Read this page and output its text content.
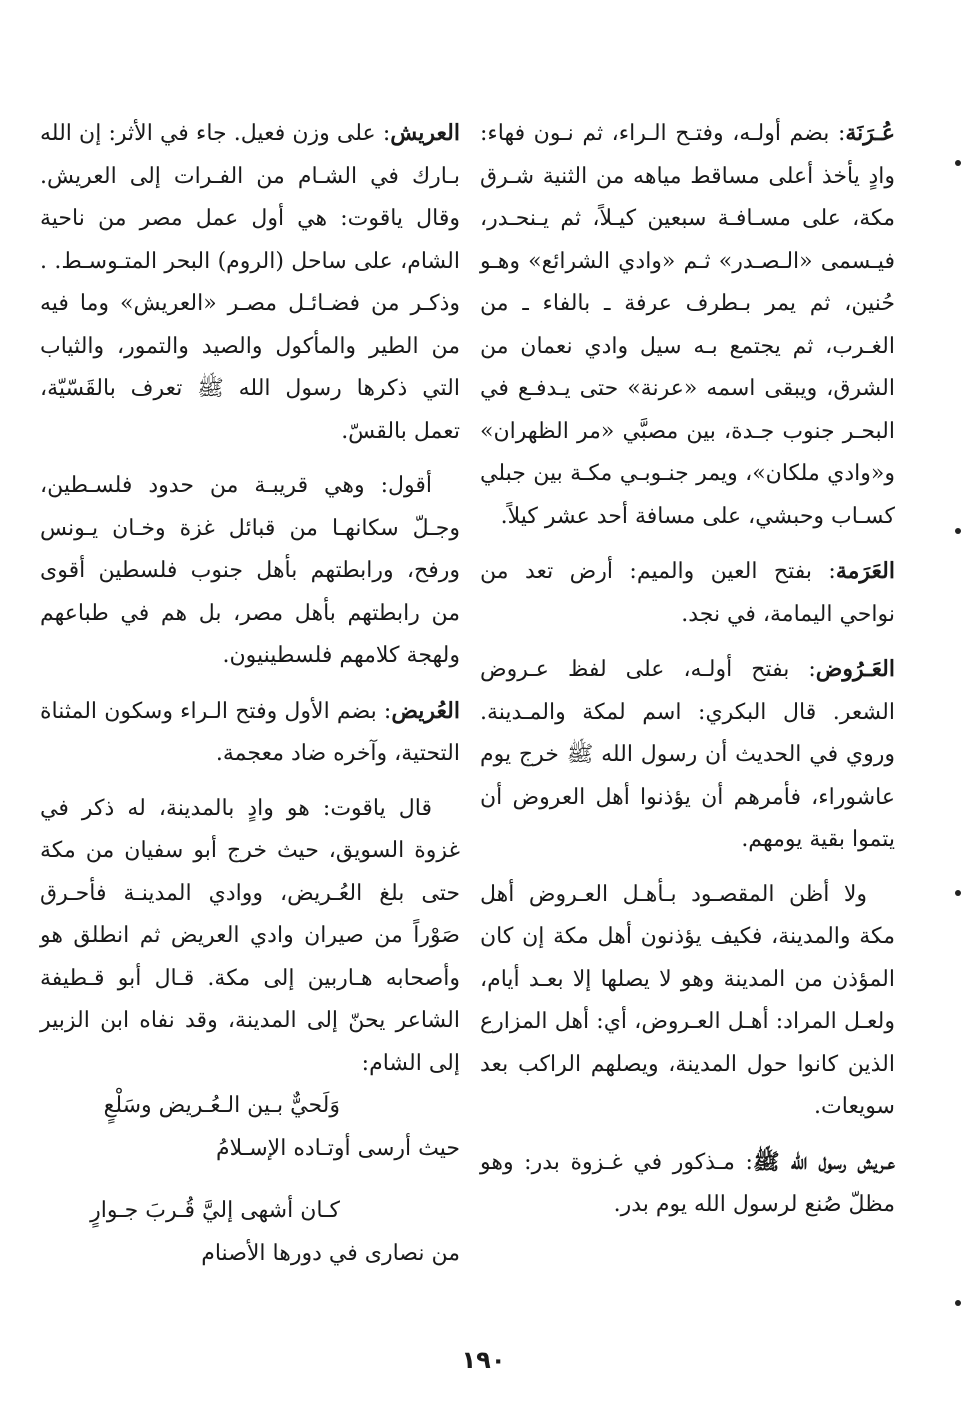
عُـرَنَة: بضم أولـه، وفتـح الـراء، ثم نـون فهاء: وادٍ يأخذ أعلى مساقط مياهه من الثنية شـرق مكة، على مسـافـة سبعين كيـلاً، ثم يـنحـدر، فيـسمى «الـصـدر» ثـم «وادي الشرائع» وهـو حُنين، ثم يمر بـطرف عرفة ـ بالفاء ـ من الغـرب، ثم يجتمع بـه سيل وادي نعمان من الشرق، ويبقى اسمه «عرنة» حتى يـدفـع في البحـر جنوب جـدة، بين مصبَّي «مر الظهران» و«وادي ملكان»، ويمر جنـوبـي مكـة بين جبلي كسـاب وحبشي، على مسافة أحد عشر كيلاً.

العَرَمة: بفتح العين والميم: أرض تعد من نواحي اليمامة، في نجد.

العَـرُوض: بفتح أولـه، على لفظ عـروض الشعر. قال البكري: اسم لمكة والمـدينة. وروي في الحديث أن رسول الله ﷺ خرج يوم عاشوراء، فأمرهم أن يؤذنوا أهل العروض أن يتموا بقية يومهم.

ولا أظن المقصـود بـأهـل العـروض أهل مكة والمدينة، فكيف يؤذنون أهل مكة إن كان المؤذن من المدينة وهو لا يصلها إلا بعـد أيام، ولعـل المراد: أهـل العـروض، أي: أهل المزارع الذين كانوا حول المدينة، ويصلهم الراكب بعد سويعات.

عـريش رسول الله ﷺ: مـذكور في غـزوة بدر: وهو مظلّ صُنع لرسول الله يوم بدر.

العريش: على وزن فعيل. جاء في الأثر: إن الله بـارك في الشـام من الفـرات إلى العريش. وقال ياقوت: هي أول عمل مصر من ناحية الشام، على ساحل (الروم) البحر المتـوسـط. . وذكـر من فضـائـل مصـر «العريش» وما فيه من الطير والمأكول والصيد والتمور، والثياب التي ذكرها رسول الله ﷺ تعرف بالقَسّيّة، تعمل بالقسّ.

أقول: وهي قريبـة من حدود فلسـطين، وجـلّ سكانهـا من قبائل غزة وخـان يـونس ورفح، ورابطتهم بأهل جنوب فلسطين أقوى من رابطتهم بأهل مصر، بل هم في طباعهم ولهجة كلامهم فلسطينيون.

العُريض: بضم الأول وفتح الـراء وسكون المثناة التحتية، وآخره ضاد معجمة.

قال ياقوت: هو وادٍ بالمدينة، له ذكر في غزوة السويق، حيث خرج أبو سفيان من مكة حتى بلغ العُـريض، ووادي المدينـة فأحـرق صَوْراً من صيران وادي العريض ثم انطلق هو وأصحابه هـاربين إلى مكة. قـال أبو قـطيفة الشاعر يحنّ إلى المدينة، وقد نفاه ابن الزبير إلى الشام:

وَلَحيٌّ بـين الـعُـريض وسَلْعٍ
حيث أرسى أوتـاده الإسـلامُ
كـان أشهى إليَّ قُـربَ جـوارٍ
من نصارى في دورها الأصنام
١٩٠
